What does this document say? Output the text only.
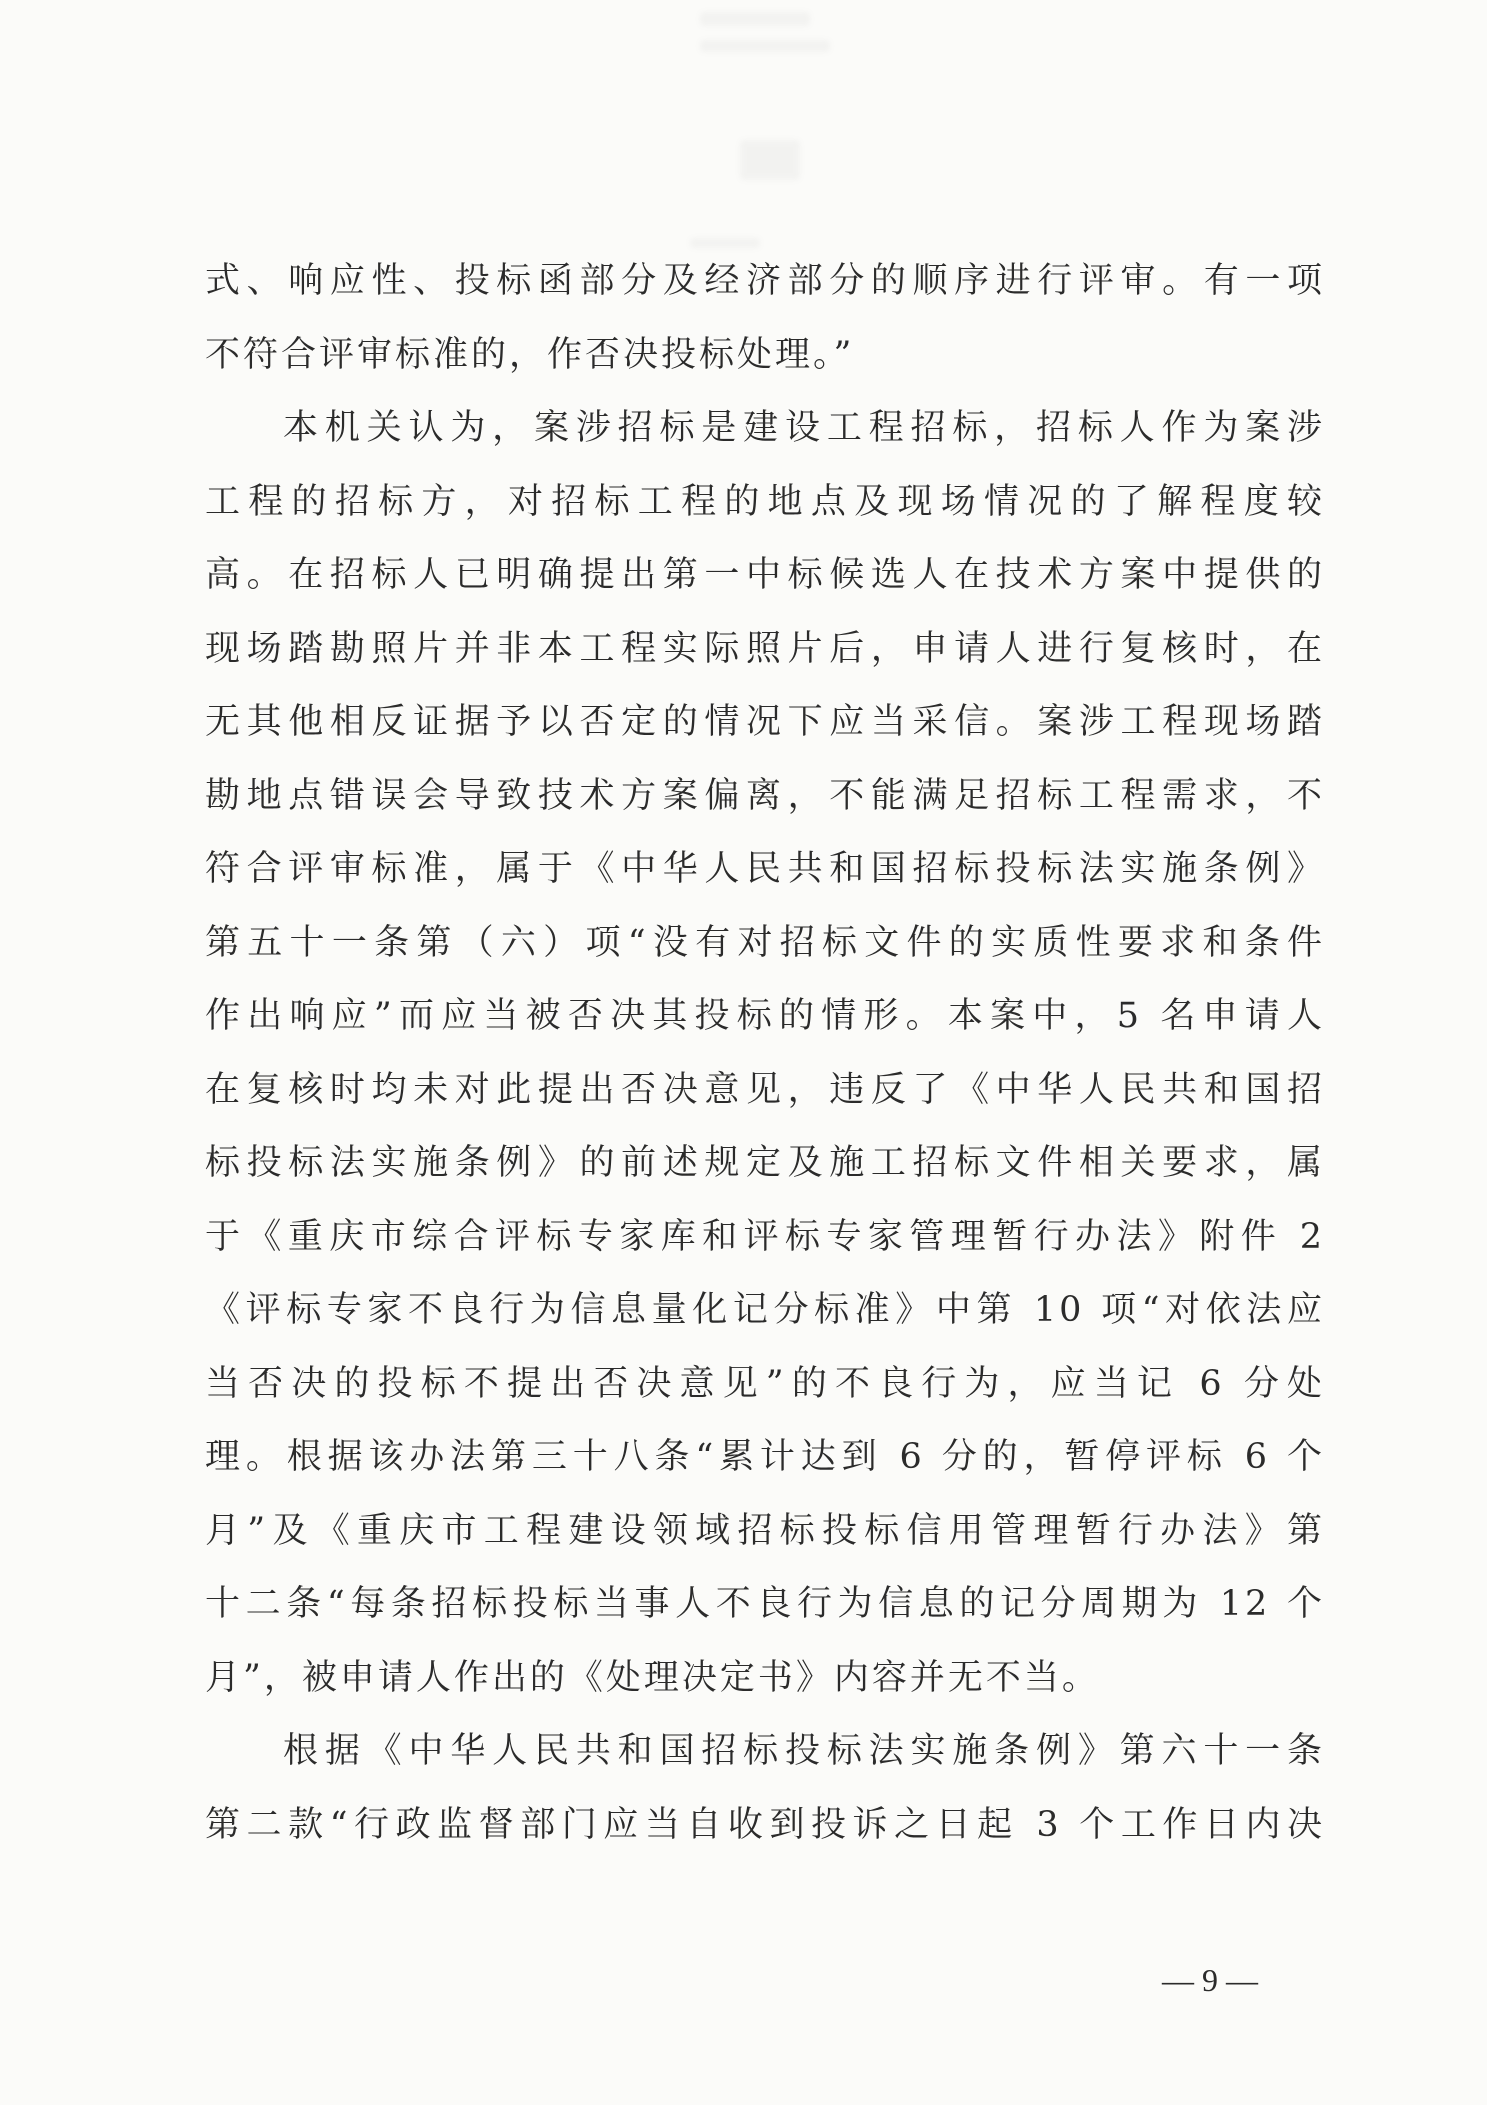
式、响应性、投标函部分及经济部分的顺序进行评审。有一项
不符合评审标准的，作否决投标处理。”
本机关认为，案涉招标是建设工程招标，招标人作为案涉
工程的招标方，对招标工程的地点及现场情况的了解程度较
高。在招标人已明确提出第一中标候选人在技术方案中提供的
现场踏勘照片并非本工程实际照片后，申请人进行复核时，在
无其他相反证据予以否定的情况下应当采信。案涉工程现场踏
勘地点错误会导致技术方案偏离，不能满足招标工程需求，不
符合评审标准，属于《中华人民共和国招标投标法实施条例》
第五十一条第（六）项“没有对招标文件的实质性要求和条件
作出响应”而应当被否决其投标的情形。本案中，5 名申请人
在复核时均未对此提出否决意见，违反了《中华人民共和国招
标投标法实施条例》的前述规定及施工招标文件相关要求，属
于《重庆市综合评标专家库和评标专家管理暂行办法》附件 2
《评标专家不良行为信息量化记分标准》中第 10 项“对依法应
当否决的投标不提出否决意见”的不良行为，应当记 6 分处
理。根据该办法第三十八条“累计达到 6 分的，暂停评标 6 个
月”及《重庆市工程建设领域招标投标信用管理暂行办法》第
十二条“每条招标投标当事人不良行为信息的记分周期为 12 个
月”，被申请人作出的《处理决定书》内容并无不当。
根据《中华人民共和国招标投标法实施条例》第六十一条
第二款“行政监督部门应当自收到投诉之日起 3 个工作日内决
— 9 —
